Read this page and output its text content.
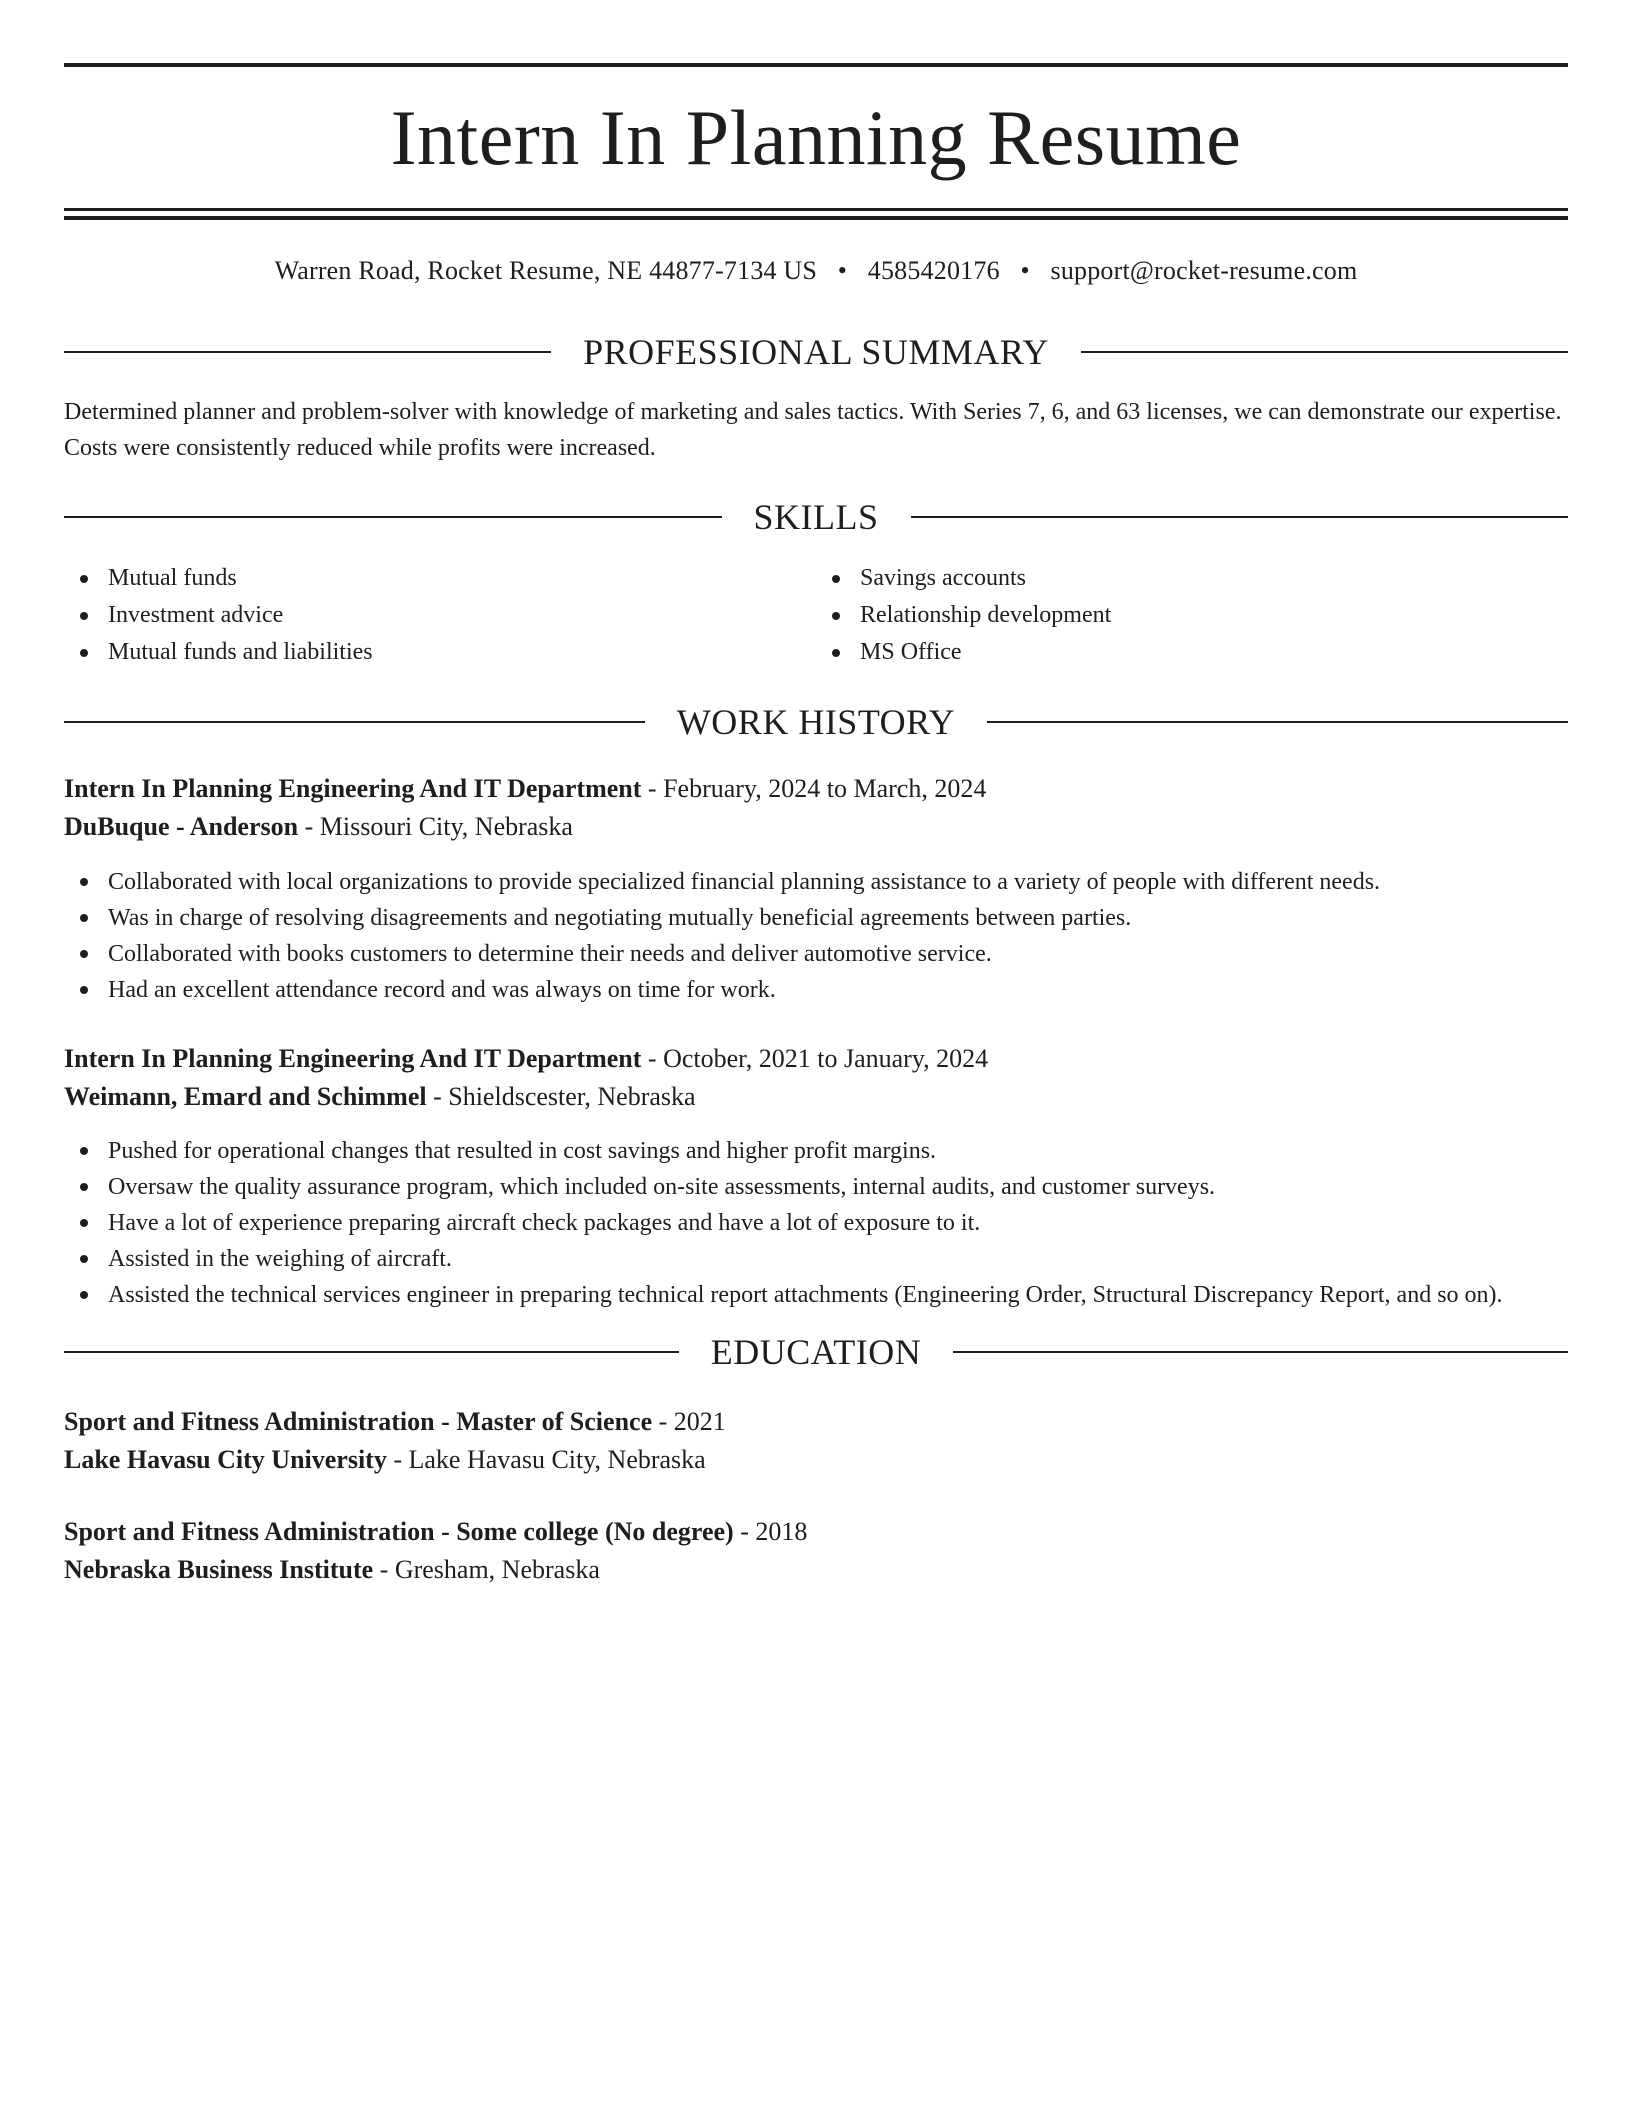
Intern In Planning Resume
Warren Road, Rocket Resume, NE 44877-7134 US • 4585420176 • support@rocket-resume.com
PROFESSIONAL SUMMARY
Determined planner and problem-solver with knowledge of marketing and sales tactics. With Series 7, 6, and 63 licenses, we can demonstrate our expertise. Costs were consistently reduced while profits were increased.
SKILLS
Mutual funds
Investment advice
Mutual funds and liabilities
Savings accounts
Relationship development
MS Office
WORK HISTORY
Intern In Planning Engineering And IT Department - February, 2024 to March, 2024
DuBuque - Anderson - Missouri City, Nebraska
Collaborated with local organizations to provide specialized financial planning assistance to a variety of people with different needs.
Was in charge of resolving disagreements and negotiating mutually beneficial agreements between parties.
Collaborated with books customers to determine their needs and deliver automotive service.
Had an excellent attendance record and was always on time for work.
Intern In Planning Engineering And IT Department - October, 2021 to January, 2024
Weimann, Emard and Schimmel - Shieldscester, Nebraska
Pushed for operational changes that resulted in cost savings and higher profit margins.
Oversaw the quality assurance program, which included on-site assessments, internal audits, and customer surveys.
Have a lot of experience preparing aircraft check packages and have a lot of exposure to it.
Assisted in the weighing of aircraft.
Assisted the technical services engineer in preparing technical report attachments (Engineering Order, Structural Discrepancy Report, and so on).
EDUCATION
Sport and Fitness Administration - Master of Science - 2021
Lake Havasu City University - Lake Havasu City, Nebraska
Sport and Fitness Administration - Some college (No degree) - 2018
Nebraska Business Institute - Gresham, Nebraska
